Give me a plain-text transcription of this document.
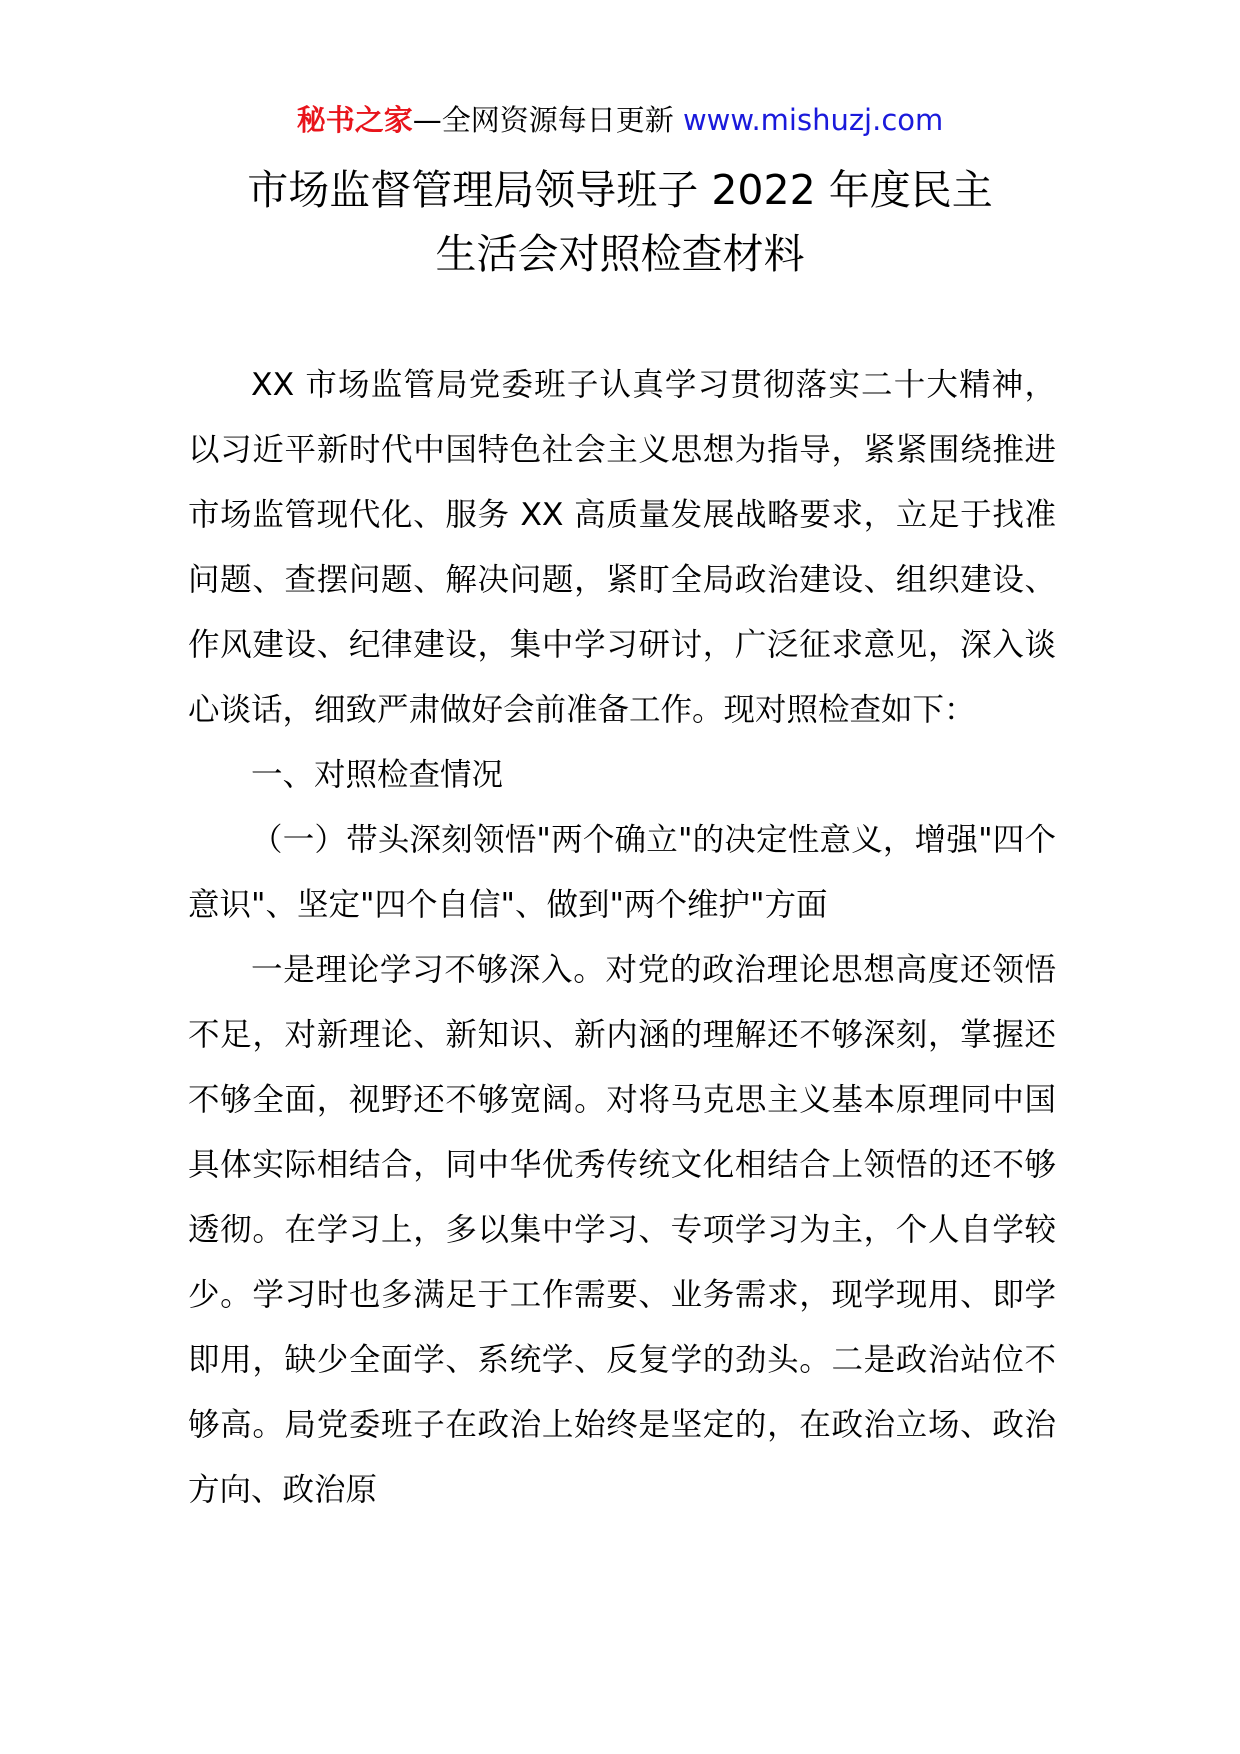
秘书之家—全网资源每日更新 www.mishuzj.com
市场监督管理局领导班子 2022 年度民主
生活会对照检查材料

XX 市场监管局党委班子认真学习贯彻落实二十大精神，以习近平新时代中国特色社会主义思想为指导，紧紧围绕推进市场监管现代化、服务 XX 高质量发展战略要求，立足于找准问题、查摆问题、解决问题，紧盯全局政治建设、组织建设、作风建设、纪律建设，集中学习研讨，广泛征求意见，深入谈心谈话，细致严肃做好会前准备工作。现对照检查如下：

一、对照检查情况

（一）带头深刻领悟"两个确立"的决定性意义，增强"四个意识"、坚定"四个自信"、做到"两个维护"方面

一是理论学习不够深入。对党的政治理论思想高度还领悟不足，对新理论、新知识、新内涵的理解还不够深刻，掌握还不够全面，视野还不够宽阔。对将马克思主义基本原理同中国具体实际相结合，同中华优秀传统文化相结合上领悟的还不够透彻。在学习上，多以集中学习、专项学习为主，个人自学较少。学习时也多满足于工作需要、业务需求，现学现用、即学即用，缺少全面学、系统学、反复学的劲头。二是政治站位不够高。局党委班子在政治上始终是坚定的，在政治立场、政治方向、政治原
